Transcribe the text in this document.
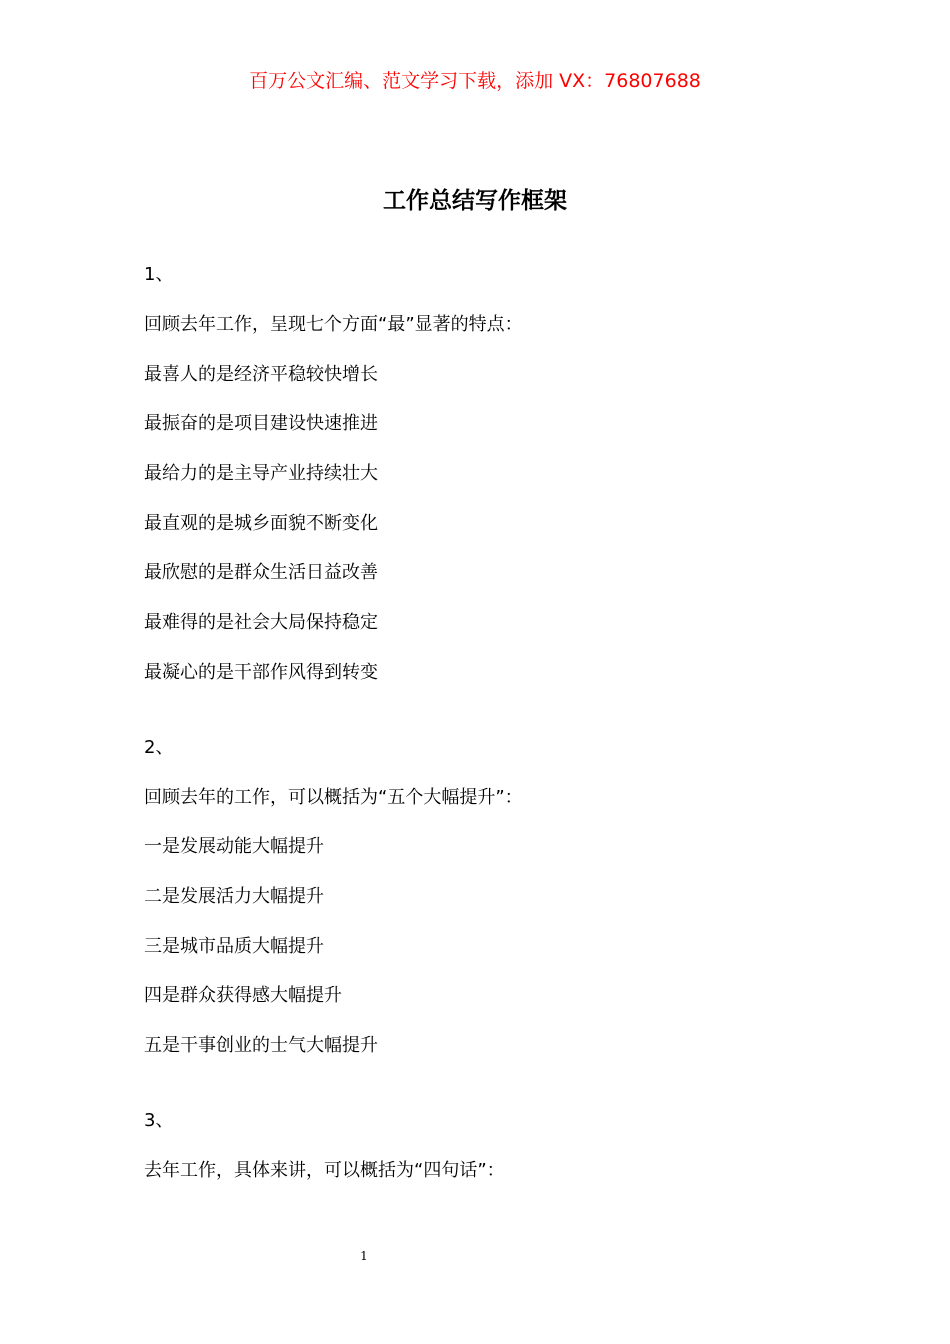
百万公文汇编、范文学习下载，添加 VX：76807688
工作总结写作框架
1、
回顾去年工作，呈现七个方面“最”显著的特点：
最喜人的是经济平稳较快增长
最振奋的是项目建设快速推进
最给力的是主导产业持续壮大
最直观的是城乡面貌不断变化
最欣慰的是群众生活日益改善
最难得的是社会大局保持稳定
最凝心的是干部作风得到转变
2、
回顾去年的工作，可以概括为“五个大幅提升”：
一是发展动能大幅提升
二是发展活力大幅提升
三是城市品质大幅提升
四是群众获得感大幅提升
五是干事创业的士气大幅提升
3、
去年工作，具体来讲，可以概括为“四句话”：
1
